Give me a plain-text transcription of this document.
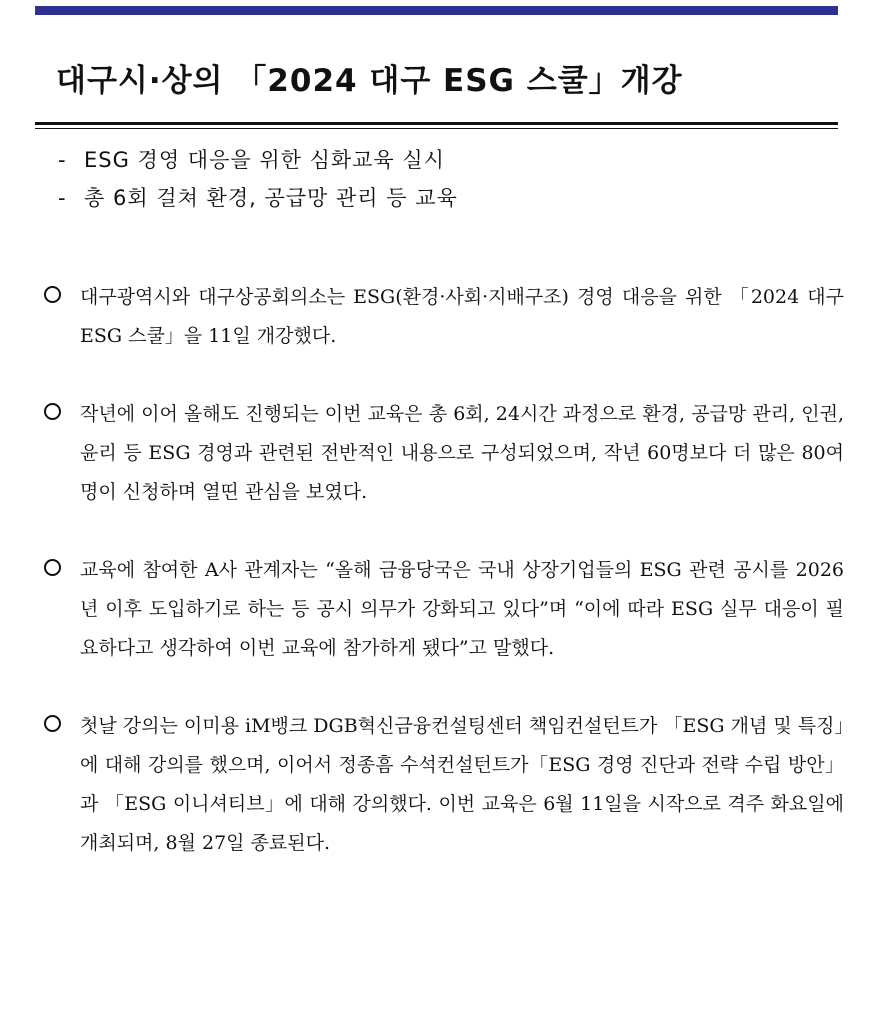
대구시·상의 「2024 대구 ESG 스쿨」개강
- ESG 경영 대응을 위한 심화교육 실시
- 총 6회 걸쳐 환경, 공급망 관리 등 교육
대구광역시와 대구상공회의소는 ESG(환경·사회·지배구조) 경영 대응을 위한 「2024 대구 ESG 스쿨」을 11일 개강했다.
작년에 이어 올해도 진행되는 이번 교육은 총 6회, 24시간 과정으로 환경, 공급망 관리, 인권, 윤리 등 ESG 경영과 관련된 전반적인 내용으로 구성되었으며, 작년 60명보다 더 많은 80여명이 신청하며 열띤 관심을 보였다.
교육에 참여한 A사 관계자는 “올해 금융당국은 국내 상장기업들의 ESG 관련 공시를 2026년 이후 도입하기로 하는 등 공시 의무가 강화되고 있다”며 “이에 따라 ESG 실무 대응이 필요하다고 생각하여 이번 교육에 참가하게 됐다”고 말했다.
첫날 강의는 이미용 iM뱅크 DGB혁신금융컨설팅센터 책임컨설턴트가 「ESG 개념 및 특징」에 대해 강의를 했으며, 이어서 정종흠 수석컨설턴트가「ESG 경영 진단과 전략 수립 방안」과 「ESG 이니셔티브」에 대해 강의했다. 이번 교육은 6월 11일을 시작으로 격주 화요일에 개최되며, 8월 27일 종료된다.
